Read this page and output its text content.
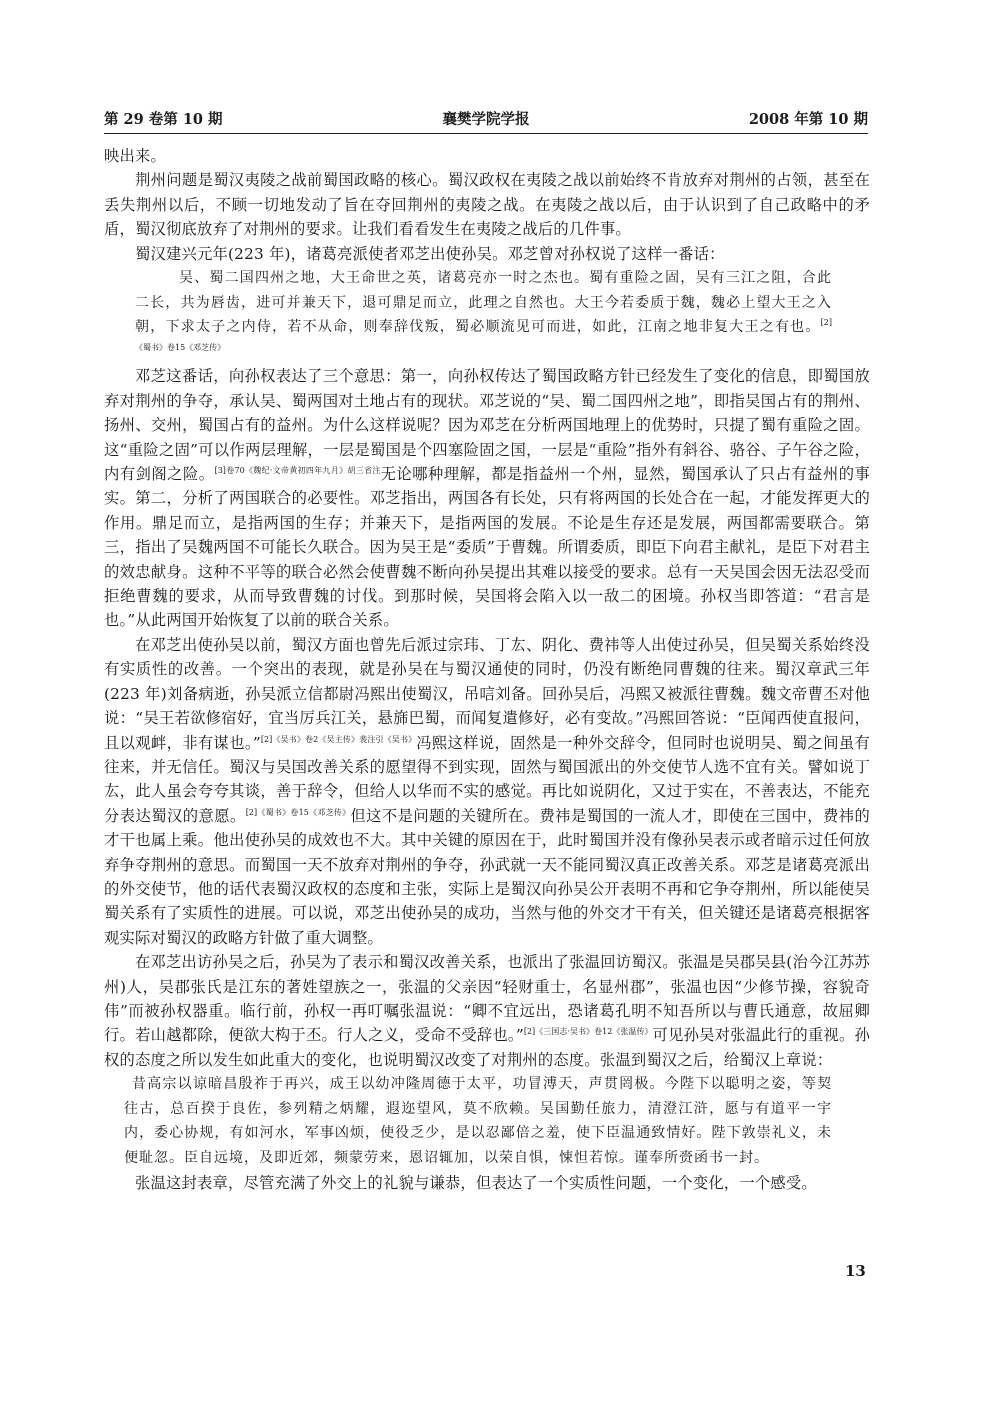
第 29 卷第 10 期	襄樊学院学报	2008 年第 10 期

映出来。

荆州问题是蜀汉夷陵之战前蜀国政略的核心。蜀汉政权在夷陵之战以前始终不肯放弃对荆州的占领，甚至在丢失荆州以后，不顾一切地发动了旨在夺回荆州的夷陵之战。在夷陵之战以后，由于认识到了自己政略中的矛盾，蜀汉彻底放弃了对荆州的要求。让我们看看发生在夷陵之战后的几件事。

蜀汉建兴元年(223 年)，诸葛亮派使者邓芝出使孙吴。邓芝曾对孙权说了这样一番话：

吴、蜀二国四州之地，大王命世之英，诸葛亮亦一时之杰也。蜀有重险之固，吴有三江之阻，合此二长，共为唇齿，进可并兼天下，退可鼎足而立，此理之自然也。大王今若委质于魏，魏必上望大王之入朝，下求太子之内侍，若不从命，则奉辞伐叛，蜀必顺流见可而进，如此，江南之地非复大王之有也。$^{[2]《蜀书》卷15《邓芝传》}$

邓芝这番话，向孙权表达了三个意思：第一，向孙权传达了蜀国政略方针已经发生了变化的信息，即蜀国放弃对荆州的争夺，承认吴、蜀两国对土地占有的现状。邓芝说的“吴、蜀二国四州之地”，即指吴国占有的荆州、扬州、交州，蜀国占有的益州。为什么这样说呢？因为邓芝在分析两国地理上的优势时，只提了蜀有重险之固。这“重险之固”可以作两层理解，一层是蜀国是个四塞险固之国，一层是“重险”指外有斜谷、骆谷、子午谷之险，内有剑阁之险。$^{[3]卷70《魏纪\cdot 文帝黄初四年九月》胡三省注}$无论哪种理解，都是指益州一个州，显然，蜀国承认了只占有益州的事实。第二，分析了两国联合的必要性。邓芝指出，两国各有长处，只有将两国的长处合在一起，才能发挥更大的作用。鼎足而立，是指两国的生存；并兼天下，是指两国的发展。不论是生存还是发展，两国都需要联合。第三，指出了吴魏两国不可能长久联合。因为吴王是“委质”于曹魏。所谓委质，即臣下向君主献礼，是臣下对君主的效忠献身。这种不平等的联合必然会使曹魏不断向孙吴提出其难以接受的要求。总有一天吴国会因无法忍受而拒绝曹魏的要求，从而导致曹魏的讨伐。到那时候，吴国将会陷入以一敌二的困境。孙权当即答道：“君言是也。”从此两国开始恢复了以前的联合关系。

在邓芝出使孙吴以前，蜀汉方面也曾先后派过宗玮、丁厷、阴化、费祎等人出使过孙吴，但吴蜀关系始终没有实质性的改善。一个突出的表现，就是孙吴在与蜀汉通使的同时，仍没有断绝同曹魏的往来。蜀汉章武三年(223 年)刘备病逝，孙吴派立信都尉冯熙出使蜀汉，吊唁刘备。回孙吴后，冯熙又被派往曹魏。魏文帝曹丕对他说：“吴王若欲修宿好，宜当厉兵江关，悬旆巴蜀，而闻复遣修好，必有变故。”冯熙回答说：“臣闻西使直报问，且以观衅，非有谋也。”$^{[2]《吴书》卷2《吴主传》裴注引《吴书》}$冯熙这样说，固然是一种外交辞令，但同时也说明吴、蜀之间虽有往来，并无信任。蜀汉与吴国改善关系的愿望得不到实现，固然与蜀国派出的外交使节人选不宜有关。譬如说丁厷，此人虽会夸夸其谈，善于辞令，但给人以华而不实的感觉。再比如说阴化，又过于实在，不善表达，不能充分表达蜀汉的意愿。$^{[2]《蜀书》卷15《邓芝传》}$但这不是问题的关键所在。费祎是蜀国的一流人才，即使在三国中，费祎的才干也属上乘。他出使孙吴的成效也不大。其中关键的原因在于，此时蜀国并没有像孙吴表示或者暗示过任何放弃争夺荆州的意思。而蜀国一天不放弃对荆州的争夺，孙武就一天不能同蜀汉真正改善关系。邓芝是诸葛亮派出的外交使节，他的话代表蜀汉政权的态度和主张，实际上是蜀汉向孙吴公开表明不再和它争夺荆州，所以能使吴蜀关系有了实质性的进展。可以说，邓芝出使孙吴的成功，当然与他的外交才干有关，但关键还是诸葛亮根据客观实际对蜀汉的政略方针做了重大调整。

在邓芝出访孙吴之后，孙吴为了表示和蜀汉改善关系，也派出了张温回访蜀汉。张温是吴郡吴县(治今江苏苏州)人，吴郡张氏是江东的著姓望族之一，张温的父亲因“轻财重士，名显州郡”，张温也因“少修节操，容貌奇伟”而被孙权器重。临行前，孙权一再叮嘱张温说：“卿不宜远出，恐诸葛孔明不知吾所以与曹氏通意，故屈卿行。若山越都除，便欲大构于丕。行人之义，受命不受辞也。”$^{[2]《三国志\cdot 吴书》卷12《张温传》}$可见孙吴对张温此行的重视。孙权的态度之所以发生如此重大的变化，也说明蜀汉改变了对荆州的态度。张温到蜀汉之后，给蜀汉上章说：

昔高宗以谅暗昌殷祚于再兴，成王以幼冲隆周德于太平，功冒溥天，声贯罔极。今陛下以聪明之姿，等契往古，总百揆于良佐，参列精之炳耀，遐迩望风，莫不欣赖。吴国勤任旅力，清澄江浒，愿与有道平一宇内，委心协规，有如河水，军事凶烦，使役乏少，是以忍鄙倍之羞，使下臣温通致情好。陛下敦崇礼义，未便耻忽。臣自远境，及即近郊，频蒙劳来，恩诏辄加，以荣自惧，悚怛若惊。谨奉所赍函书一封。

张温这封表章，尽管充满了外交上的礼貌与谦恭，但表达了一个实质性问题，一个变化，一个感受。

13
